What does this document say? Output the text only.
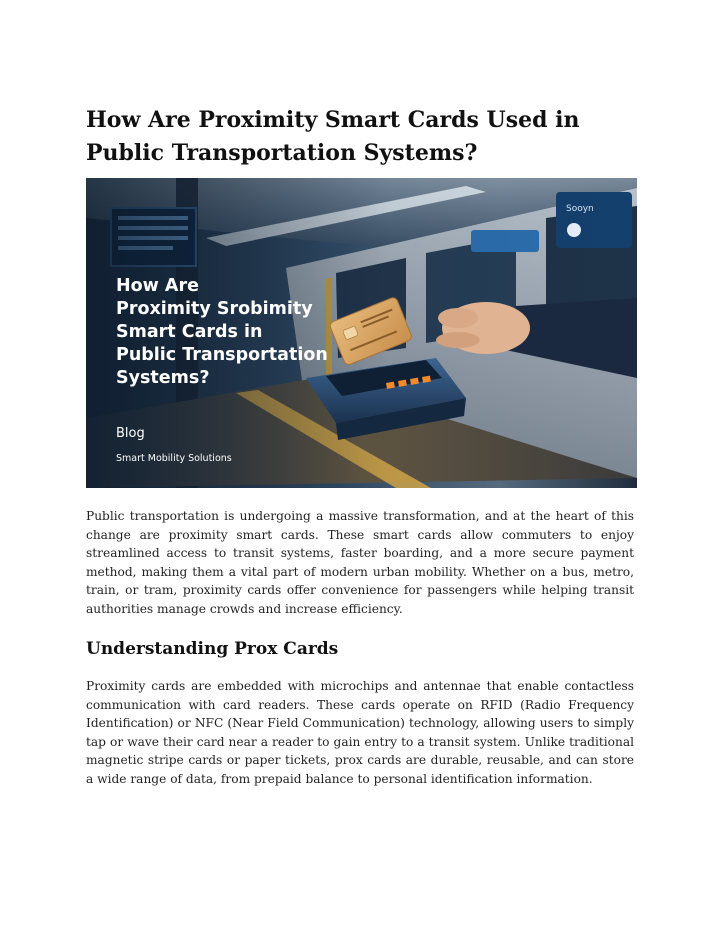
How Are Proximity Smart Cards Used in Public Transportation Systems?
How Are
Proximity Srobimity
Smart Cards in
Public Transportation
Systems?
Blog
Smart Mobility Solutions

Public transportation is undergoing a massive transformation, and at the heart of this change are proximity smart cards. These smart cards allow commuters to enjoy streamlined access to transit systems, faster boarding, and a more secure payment method, making them a vital part of modern urban mobility. Whether on a bus, metro, train, or tram, proximity cards offer convenience for passengers while helping transit authorities manage crowds and increase efficiency.

Understanding Prox Cards

Proximity cards are embedded with microchips and antennae that enable contactless communication with card readers. These cards operate on RFID (Radio Frequency Identification) or NFC (Near Field Communication) technology, allowing users to simply tap or wave their card near a reader to gain entry to a transit system. Unlike traditional magnetic stripe cards or paper tickets, prox cards are durable, reusable, and can store a wide range of data, from prepaid balance to personal identification information.
